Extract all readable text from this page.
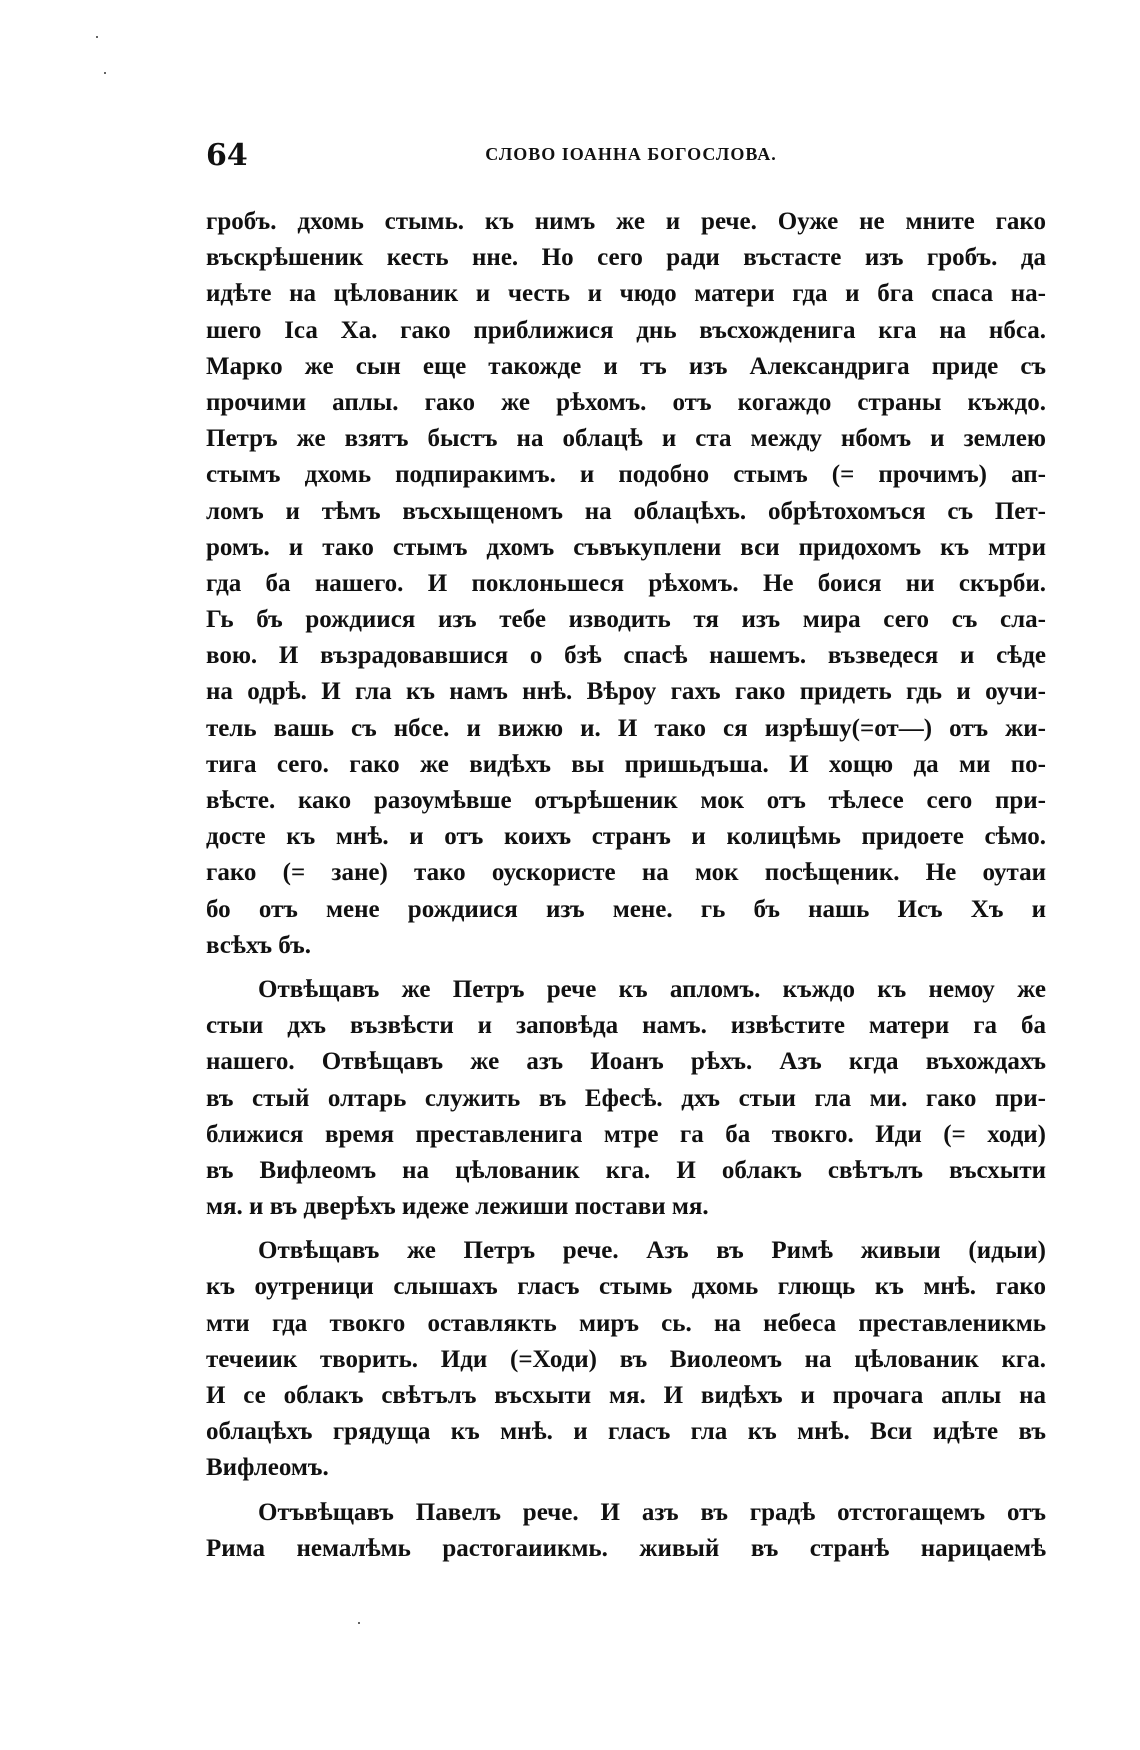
64	СЛОВО ІОАННА БОГОСЛОВА.
гробъ. дхомь стымь. къ нимъ же и рече. Оуже не мните гако
въскрѣшеник кесть нне. Но сего ради въстасте изъ гробъ. да
идѣте на цѣлованик и честь и чюдо матери гда и бга спаса на-
шего Іса Ха. гако приближися днь въсхожденига кга на нбса.
Марко же сын еще такожде и тъ изъ Александрига приде съ
прочими аплы. гако же рѣхомъ. отъ когаждо страны къждо.
Петръ же взятъ быстъ на облацѣ и ста между нбомъ и землею
стымъ дхомь подпиракимъ. и подобно стымъ (= прочимъ) ап-
ломъ и тѣмъ въсхыщеномъ на облацѣхъ. обрѣтохомъся съ Пет-
ромъ. и тако стымъ дхомъ съвъкуплени вси придохомъ къ мтри
гда ба нашего. И поклоньшеся рѣхомъ. Не боися ни скърби.
Гь бъ рождиися изъ тебе изводить тя изъ мира сего съ сла-
вою. И възрадовавшися о бзѣ спасѣ нашемъ. възведеся и сѣде
на одрѣ. И гла къ намъ ннѣ. Вѣроу гахъ гако придеть гдь и оучи-
тель вашь съ нбсе. и вижю и. И тако ся изрѣшу(=от—) отъ жи-
тига сего. гако же видѣхъ вы пришьдъша. И хощю да ми по-
вѣсте. како разоумѣвше отърѣшеник мок отъ тѣлесе сего при-
досте къ мнѣ. и отъ коихъ странъ и колицѣмь придоете сѣмо.
гако (= зане) тако оускористе на мок посѣщеник. Не оутаи
бо отъ мене рождиися изъ мене. гь бъ нашь Исъ Хъ и
всѣхъ бъ.
Отвѣщавъ же Петръ рече къ апломъ. къждо къ немоу же
стыи дхъ възвѣсти и заповѣда намъ. извѣстите матери га ба
нашего. Отвѣщавъ же азъ Иоанъ рѣхъ. Азъ кгда въхождахъ
въ стый олтарь служить въ Ефесѣ. дхъ стыи гла ми. гако при-
ближися время преставленига мтре га ба твокго. Иди (= ходи)
въ Вифлеомъ на цѣлованик кга. И облакъ свѣтълъ въсхыти
мя. и въ дверѣхъ идеже лежиши постави мя.
Отвѣщавъ же Петръ рече. Азъ въ Римѣ живыи (идыи)
къ оутреници слышахъ гласъ стымь дхомь глющь къ мнѣ. гако
мти гда твокго оставлякть миръ сь. на небеса преставленикмь
течеиик творить. Иди (=Ходи) въ Виолеомъ на цѣлованик кга.
И се облакъ свѣтълъ въсхыти мя. И видѣхъ и прочага аплы на
облацѣхъ грядуща къ мнѣ. и гласъ гла къ мнѣ. Вси идѣте въ
Вифлеомъ.
Отъвѣщавъ Павелъ рече. И азъ въ градѣ отстогащемъ отъ
Рима немалѣмь растогаиикмь. живый въ странѣ нарицаемѣ
